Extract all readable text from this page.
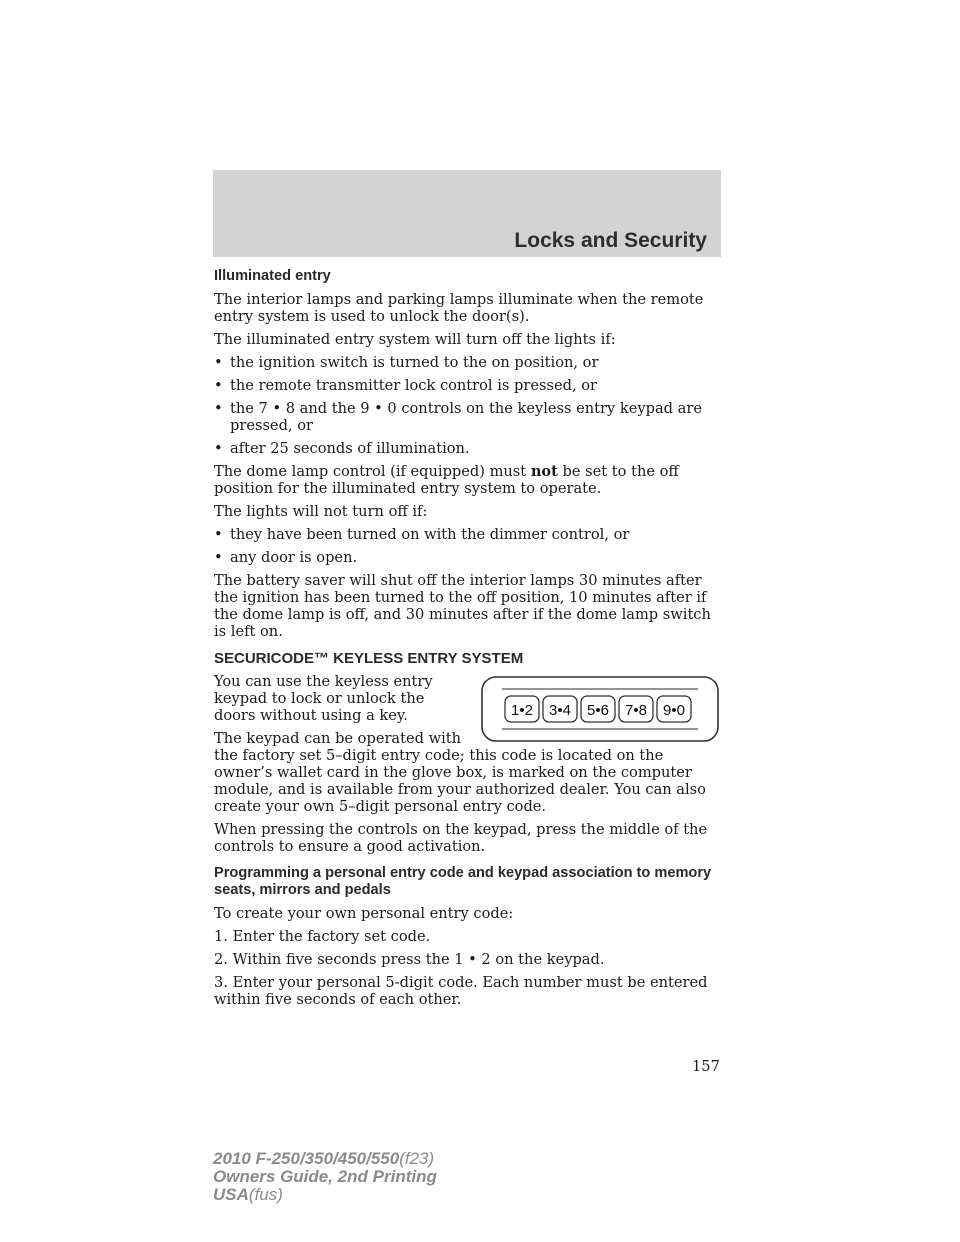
Locks and Security
Illuminated entry

The interior lamps and parking lamps illuminate when the remote entry system is used to unlock the door(s).

The illuminated entry system will turn off the lights if:

• the ignition switch is turned to the on position, or
• the remote transmitter lock control is pressed, or
• the 7 • 8 and the 9 • 0 controls on the keyless entry keypad are pressed, or
• after 25 seconds of illumination.

The dome lamp control (if equipped) must not be set to the off position for the illuminated entry system to operate.

The lights will not turn off if:

• they have been turned on with the dimmer control, or
• any door is open.

The battery saver will shut off the interior lamps 30 minutes after the ignition has been turned to the off position, 10 minutes after if the dome lamp is off, and 30 minutes after if the dome lamp switch is left on.

SECURICODE™ KEYLESS ENTRY SYSTEM
1•2 3•4 5•6 7•8 9•0

You can use the keyless entry keypad to lock or unlock the doors without using a key.

The keypad can be operated with the factory set 5–digit entry code; this code is located on the owner’s wallet card in the glove box, is marked on the computer module, and is available from your authorized dealer. You can also create your own 5–digit personal entry code.

When pressing the controls on the keypad, press the middle of the controls to ensure a good activation.

Programming a personal entry code and keypad association to memory seats, mirrors and pedals

To create your own personal entry code:

1. Enter the factory set code.

2. Within five seconds press the 1 • 2 on the keypad.

3. Enter your personal 5-digit code. Each number must be entered within five seconds of each other.

157
2010 F-250/350/450/550(f23)
Owners Guide, 2nd Printing
USA(fus)
